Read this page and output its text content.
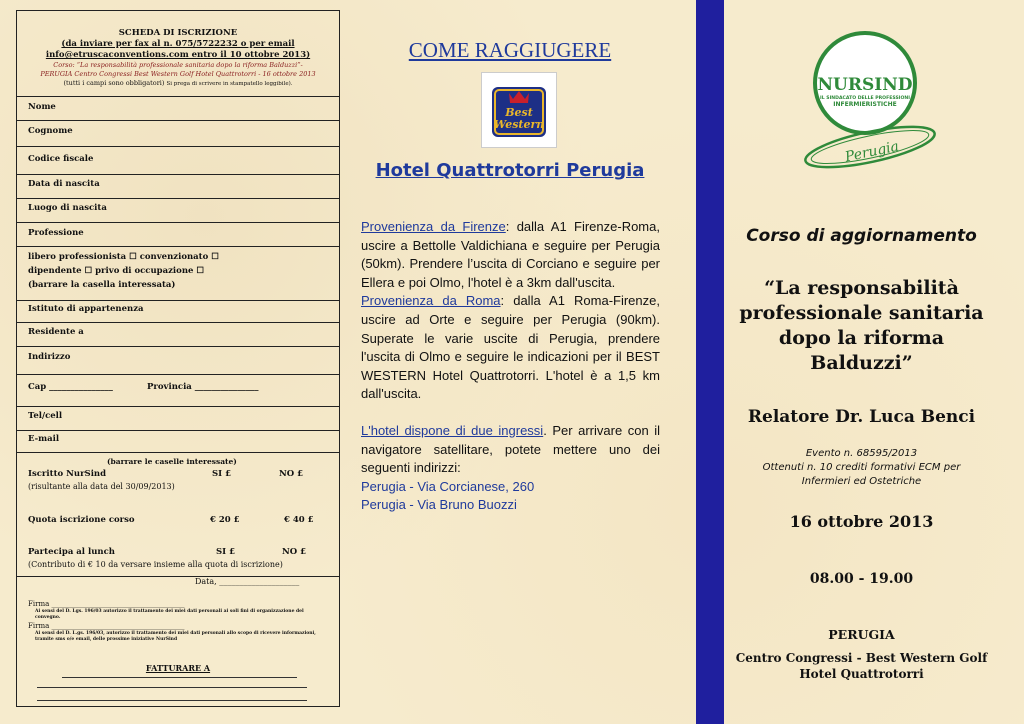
SCHEDA DI ISCRIZIONE
(da inviare per fax al n. 075/5722232 o per email
info@etruscaconventions.com entro il 10 ottobre 2013)
Corso: “La responsabilità professionale sanitaria dopo la riforma Balduzzi”-
PERUGIA Centro Congressi Best Western Golf Hotel Quattrotorri - 16 ottobre 2013
(tutti i campi sono obbligatori) Si prega di scrivere in stampatello leggibile).
Nome
Cognome
Codice fiscale
Data di nascita
Luogo di nascita
Professione
libero professionista ☐ convenzionato ☐
dipendente ☐ privo di occupazione ☐
(barrare la casella interessata)
Istituto di appartenenza
Residente a
Indirizzo
Cap _______________	Provincia _______________
Tel/cell
E-mail
(barrare le caselle interessate)
Iscritto NurSind	SI £	NO £
(risultante alla data del 30/09/2013)
Quota iscrizione corso	€ 20 £	€ 40 £
Partecipa al lunch	SI £	NO £
(Contributo di € 10 da versare insieme alla quota di iscrizione)
Data, ____________________
Firma ______________________________________
Ai sensi del D. Lgs. 196/03 autorizzo il trattamento dei miei dati personali ai soli fini di organizzazione del convegno.
Firma ______________________________________
Ai sensi del D. L.gs. 196/03, autorizzo il trattamento dei miei dati personali allo scopo di ricevere informazioni, tramite sms o/e email, delle prossime iniziative NurSind
FATTURARE A
COME RAGGIUGERE
Best
Western
Hotel Quattrotorri Perugia
Provenienza da Firenze: dalla A1 Firenze-Roma, uscire a Bettolle Valdichiana e seguire per Perugia (50km). Prendere l’uscita di Corciano e seguire per Ellera e poi Olmo, l'hotel è a 3km dall'uscita.
Provenienza da Roma: dalla A1 Roma-Firenze, uscire ad Orte e seguire per Perugia (90km). Superate le varie uscite di Perugia, prendere l'uscita di Olmo e seguire le indicazioni per il BEST WESTERN Hotel Quattrotorri. L'hotel è a 1,5 km dall'uscita.
L'hotel dispone di due ingressi. Per arrivare con il navigatore satellitare, potete mettere uno dei seguenti indirizzi:
Perugia - Via Corcianese, 260
Perugia - Via Bruno Buozzi
NURSIND
IL SINDACATO DELLE PROFESSIONI
INFERMIERISTICHE
Perugia
Corso di aggiornamento
“La responsabilità
professionale sanitaria
dopo la riforma
Balduzzi”
Relatore Dr. Luca Benci
Evento n. 68595/2013
Ottenuti n. 10 crediti formativi ECM per
Infermieri ed Ostetriche
16 ottobre 2013
08.00 - 19.00
PERUGIA
Centro Congressi - Best Western Golf
Hotel Quattrotorri
